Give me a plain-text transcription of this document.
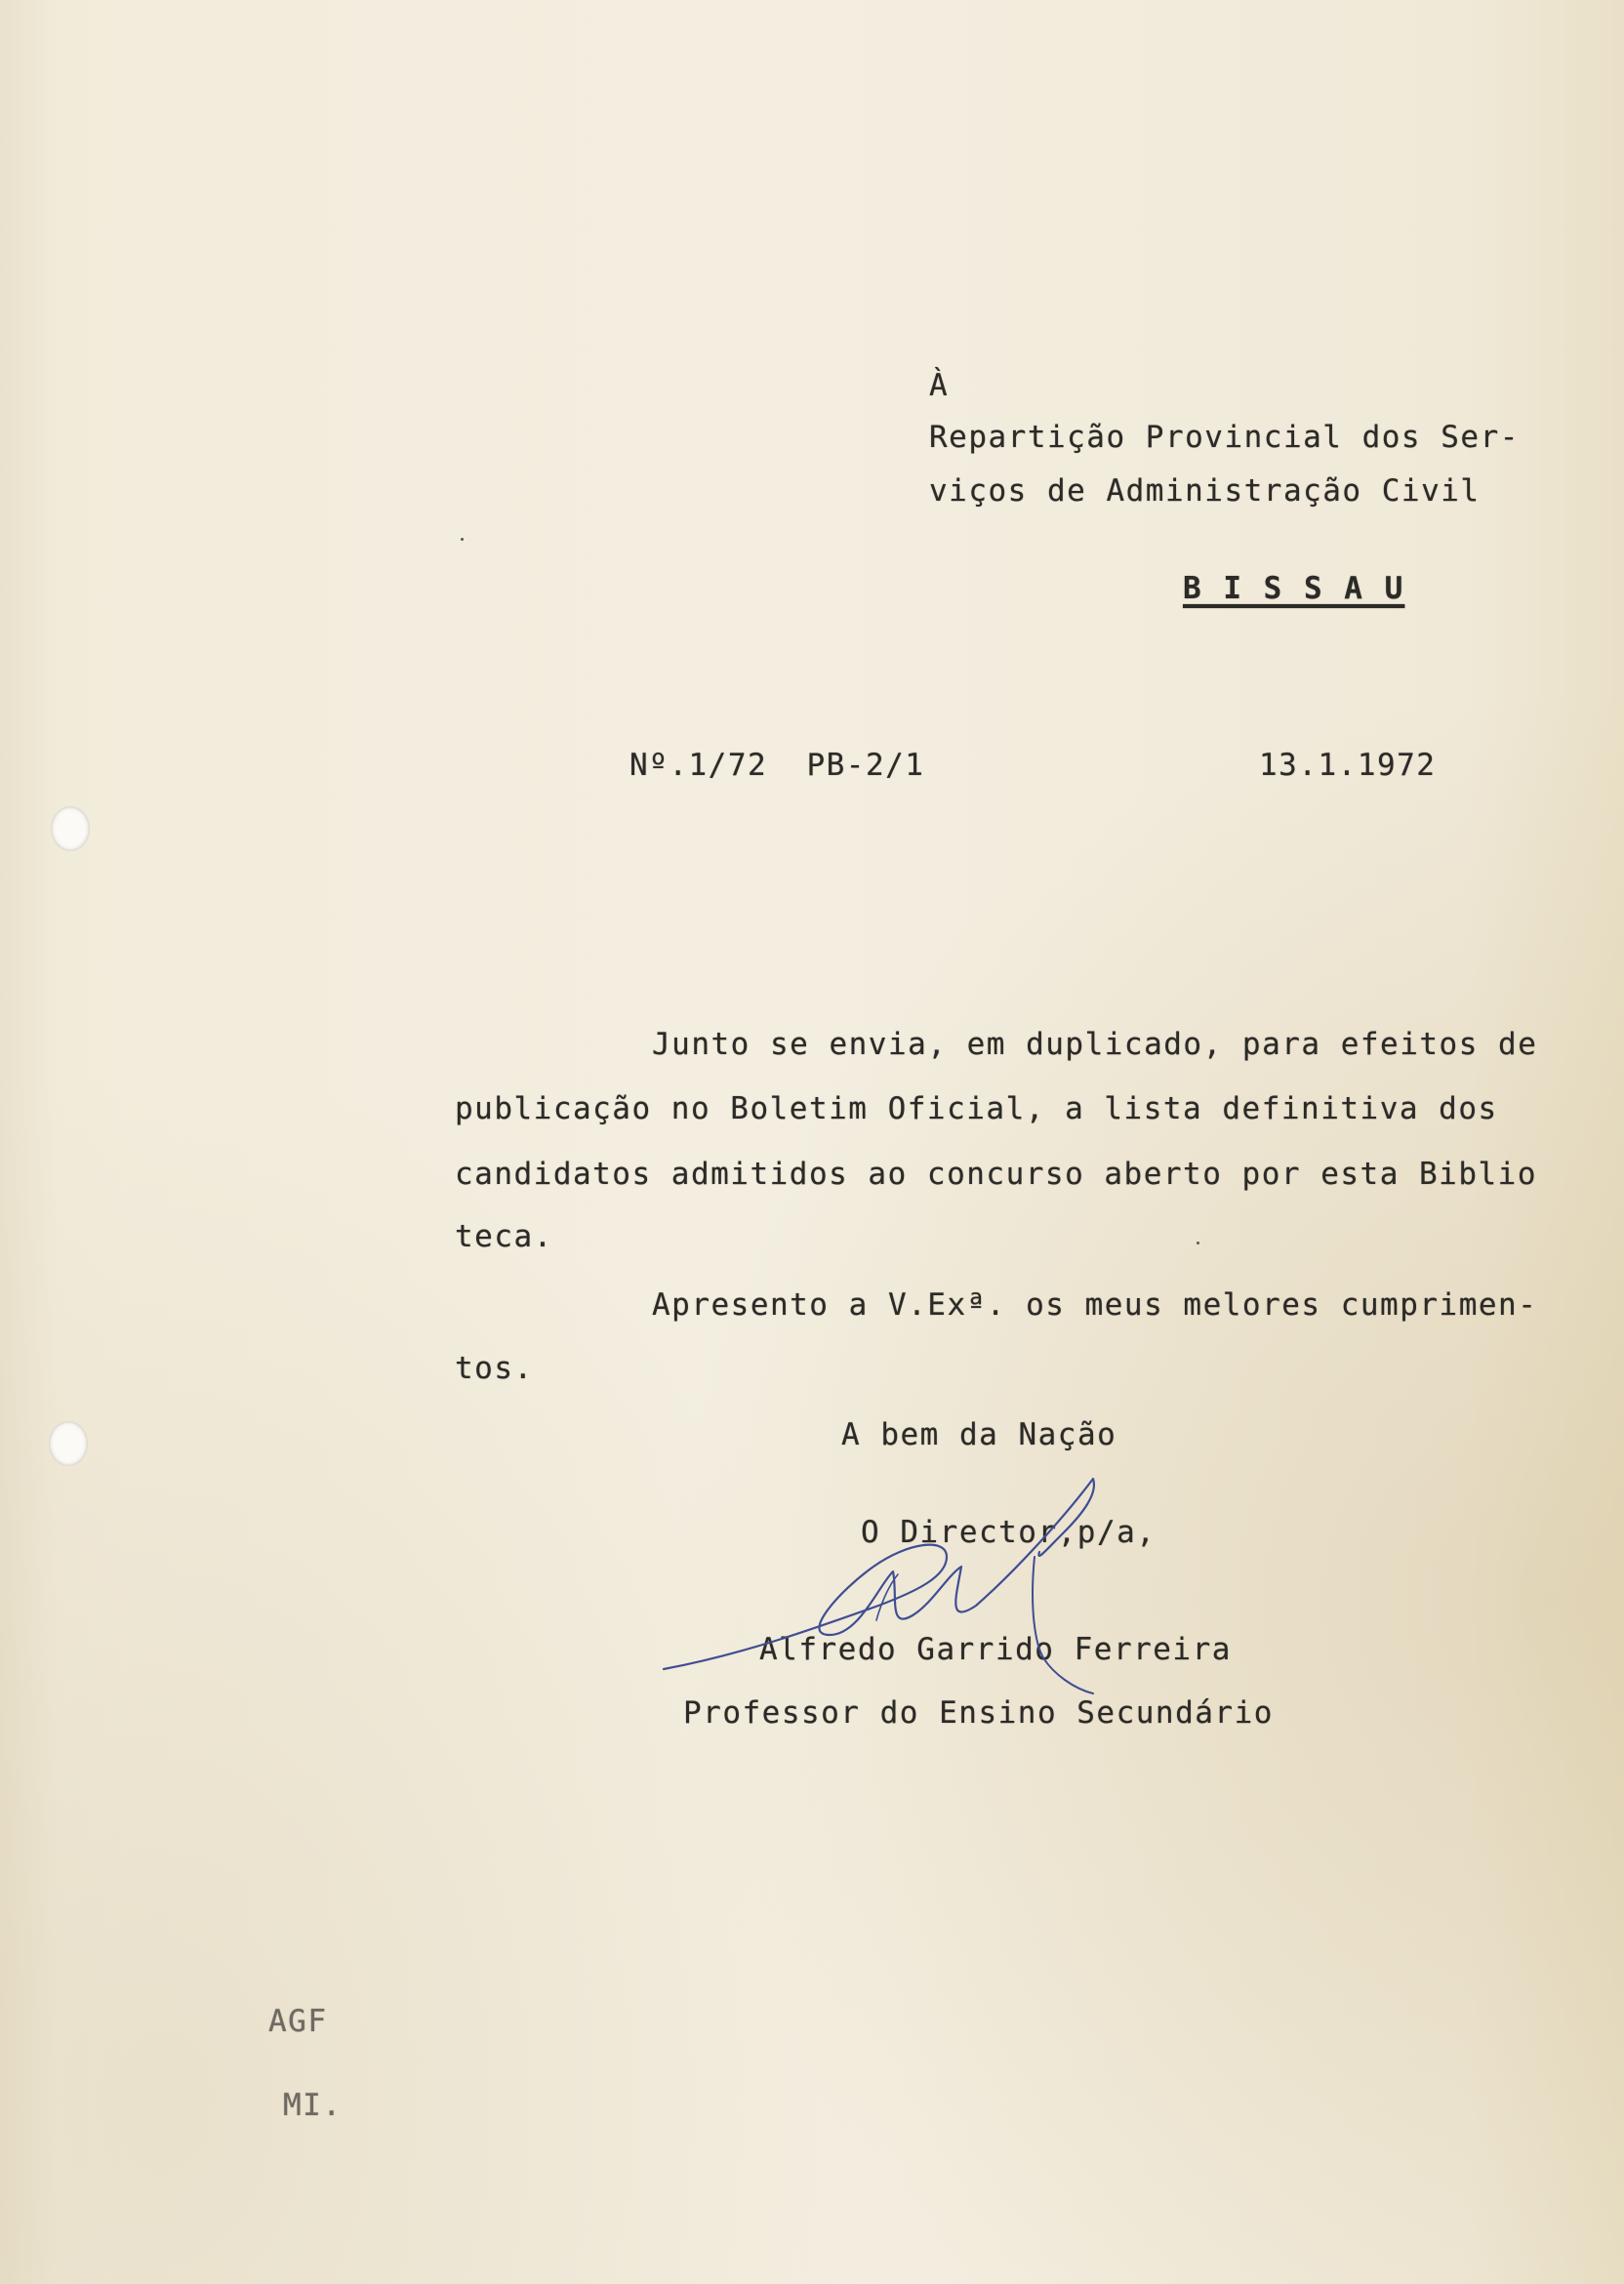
À
Repartição Provincial dos Ser-
viços de Administração Civil
B I S S A U
Nº.1/72  PB-2/1	13.1.1972
Junto se envia, em duplicado, para efeitos de
publicação no Boletim Oficial, a lista definitiva dos
candidatos admitidos ao concurso aberto por esta Biblio
teca.
Apresento a V.Exª. os meus melores cumprimen-
tos.
A bem da Nação
O Director,p/a,
Alfredo Garrido Ferreira
Professor do Ensino Secundário
AGF
MI.
